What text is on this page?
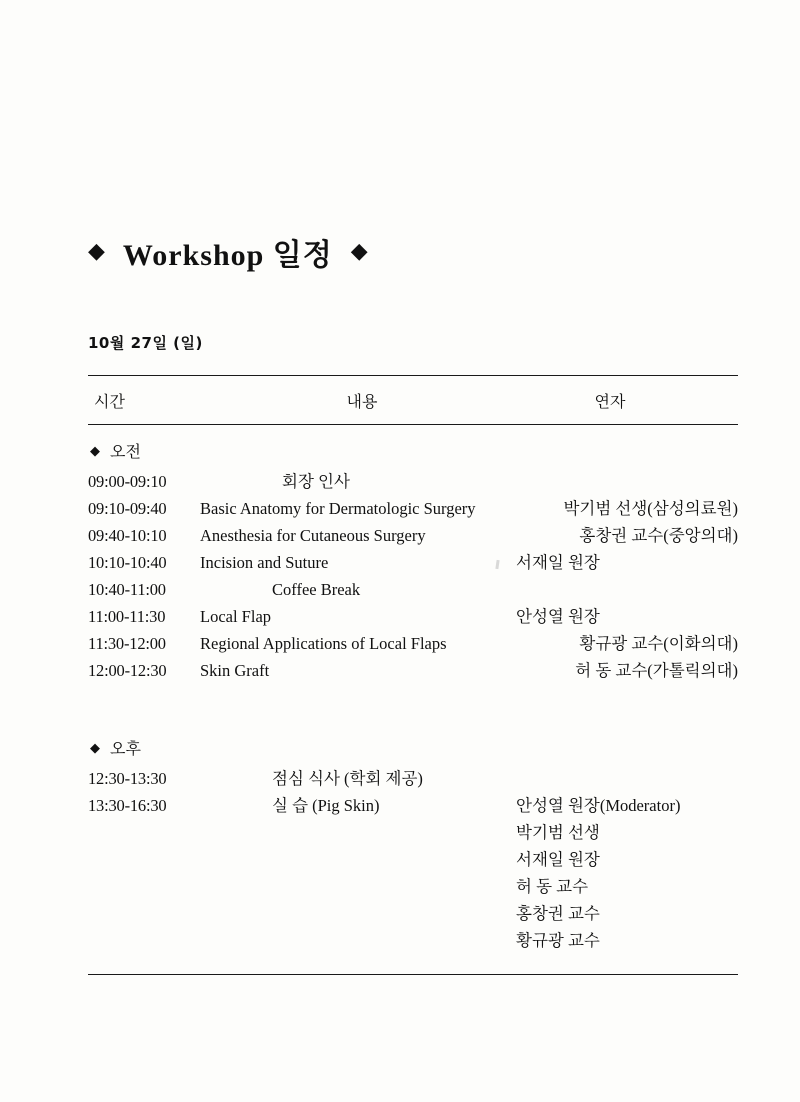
◆ Workshop 일정 ◆
10월 27일 (일)
시간	내용	연자
◆ 오전
09:00-09:10	회장 인사
09:10-09:40	Basic Anatomy for Dermatologic Surgery	박기범 선생(삼성의료원)
09:40-10:10	Anesthesia for Cutaneous Surgery	홍창권 교수(중앙의대)
10:10-10:40	Incision and Suture	서재일 원장
10:40-11:00	Coffee Break
11:00-11:30	Local Flap	안성열 원장
11:30-12:00	Regional Applications of Local Flaps	황규광 교수(이화의대)
12:00-12:30	Skin Graft	허 동 교수(가톨릭의대)
◆ 오후
12:30-13:30	점심 식사 (학회 제공)
13:30-16:30	실 습 (Pig Skin)	안성열 원장(Moderator)
박기범 선생
서재일 원장
허 동 교수
홍창권 교수
황규광 교수
